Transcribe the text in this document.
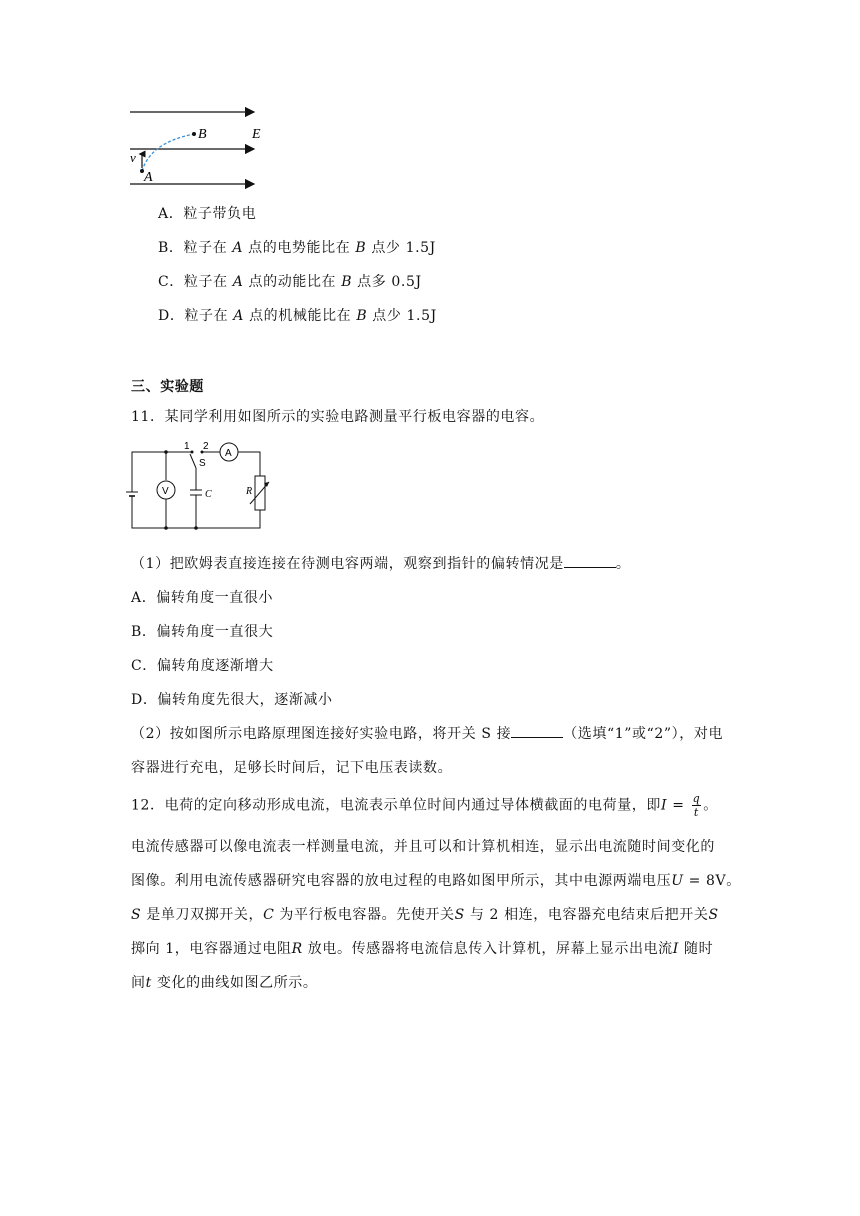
B	E
v
A
A．粒子带负电
B．粒子在 A 点的电势能比在 B 点少 1.5J
C．粒子在 A 点的动能比在 B 点多 0.5J
D．粒子在 A 点的机械能比在 B 点少 1.5J
三、实验题
11．某同学利用如图所示的实验电路测量平行板电容器的电容。
1 2
S
A
V	C	R
（1）把欧姆表直接连接在待测电容两端，观察到指针的偏转情况是	。
A．偏转角度一直很小
B．偏转角度一直很大
C．偏转角度逐渐增大
D．偏转角度先很大，逐渐减小
（2）按如图所示电路原理图连接好实验电路，将开关 S 接	（选填“1”或“2”），对电
容器进行充电，足够长时间后，记下电压表读数。
12．电荷的定向移动形成电流，电流表示单位时间内通过导体横截面的电荷量，即$I = \frac{q}{t}$ 。
电流传感器可以像电流表一样测量电流，并且可以和计算机相连，显示出电流随时间变化的
图像。利用电流传感器研究电容器的放电过程的电路如图甲所示，其中电源两端电压U = 8V。
S 是单刀双掷开关，C 为平行板电容器。先使开关S 与 2 相连，电容器充电结束后把开关S
掷向 1，电容器通过电阻R 放电。传感器将电流信息传入计算机，屏幕上显示出电流I 随时
间t 变化的曲线如图乙所示。
